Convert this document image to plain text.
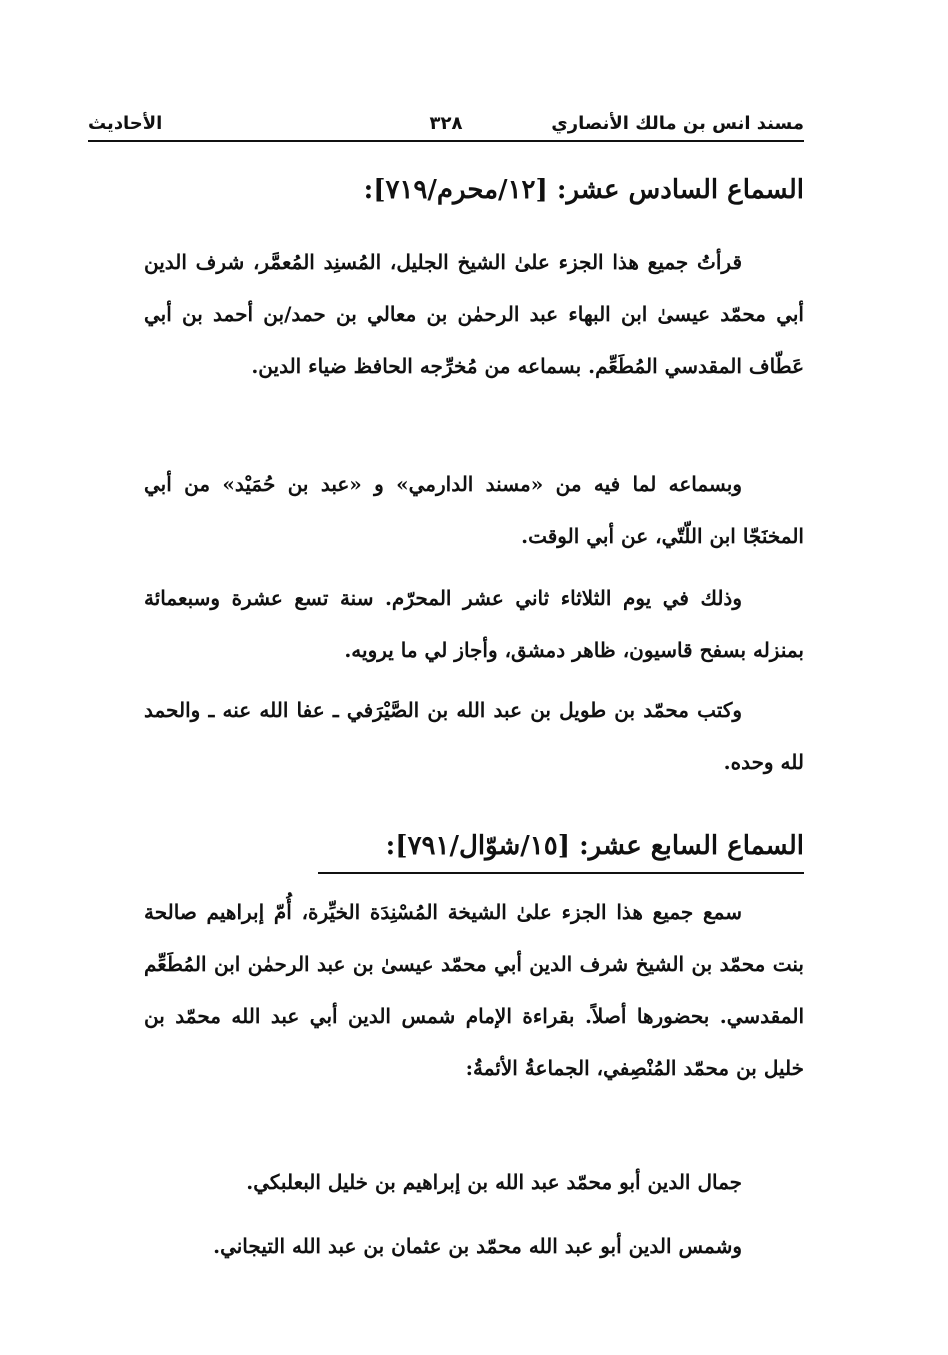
مسند انس بن مالك الأنصاري
٣٢٨
الأحاديث
السماع السادس عشر: [١٢/محرم/٧١٩]:
قرأتُ جميع هذا الجزء علىٰ الشيخ الجليل، المُسنِد المُعمَّر، شرف الدين أبي محمّد عيسىٰ ابن البهاء عبد الرحمٰن بن معالي بن حمد/بن أحمد بن أبي عَطّاف المقدسي المُطَعِّم. بسماعه من مُخرِّجه الحافظ ضياء الدين.
وبسماعه لما فيه من «مسند الدارمي» و «عبد بن حُمَيْد» من أبي المخنَجّا ابن اللّتّي، عن أبي الوقت.
وذلك في يوم الثلاثاء ثاني عشر المحرّم. سنة تسع عشرة وسبعمائة بمنزله بسفح قاسيون، ظاهر دمشق، وأجاز لي ما يرويه.
وكتب محمّد بن طويل بن عبد الله بن الصَّيْرَفي ـ عفا الله عنه ـ والحمد لله وحده.
السماع السابع عشر: [١٥/شوّال/٧٩١]:
سمع جميع هذا الجزء علىٰ الشيخة المُسْنِدَة الخيِّرة، أُمّ إبراهيم صالحة بنت محمّد بن الشيخ شرف الدين أبي محمّد عيسىٰ بن عبد الرحمٰن ابن المُطَعِّم المقدسي. بحضورها أصلاً. بقراءة الإمام شمس الدين أبي عبد الله محمّد بن خليل بن محمّد المُنْصِفي، الجماعةُ الأئمةُ:
جمال الدين أبو محمّد عبد الله بن إبراهيم بن خليل البعلبكي.
وشمس الدين أبو عبد الله محمّد بن عثمان بن عبد الله التيجاني.
